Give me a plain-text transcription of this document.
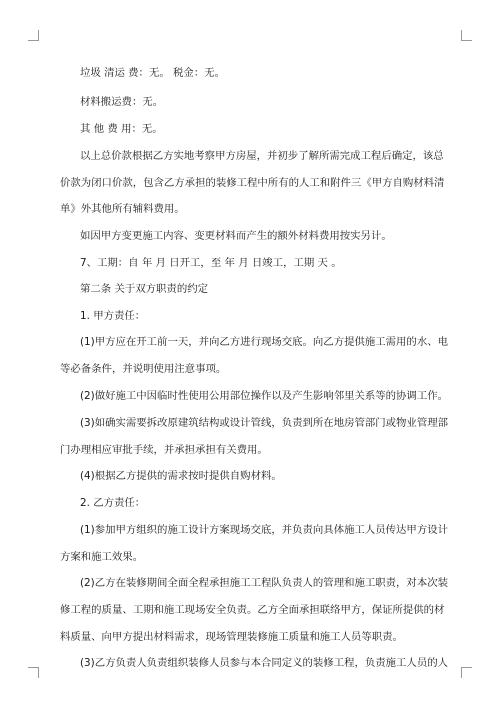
垃圾 清运 费：无。 税金：无。
材料搬运费：无。
其 他 费 用：无。
以上总价款根据乙方实地考察甲方房屋，并初步了解所需完成工程后确定，该总
价款为闭口价款，包含乙方承担的装修工程中所有的人工和附件三《甲方自购材料清
单》外其他所有辅料费用。
如因甲方变更施工内容、变更材料而产生的额外材料费用按实另计。
7、工期：自 年 月 日开工，至 年 月 日竣工，工期 天 。
第二条 关于双方职责的约定
1. 甲方责任：
(1)甲方应在开工前一天，并向乙方进行现场交底。向乙方提供施工需用的水、电
等必备条件，并说明使用注意事项。
(2)做好施工中因临时性使用公用部位操作以及产生影响邻里关系等的协调工作。
(3)如确实需要拆改原建筑结构或设计管线，负责到所在地房管部门或物业管理部
门办理相应审批手续，并承担承担有关费用。
(4)根据乙方提供的需求按时提供自购材料。
2. 乙方责任：
(1)参加甲方组织的施工设计方案现场交底，并负责向具体施工人员传达甲方设计
方案和施工效果。
(2)乙方在装修期间全面全程承担施工工程队负责人的管理和施工职责，对本次装
修工程的质量、工期和施工现场安全负责。乙方全面承担联络甲方，保证所提供的材
料质量、向甲方提出材料需求，现场管理装修施工质量和施工人员等职责。
(3)乙方负责人负责组织装修人员参与本合同定义的装修工程，负责施工人员的人
